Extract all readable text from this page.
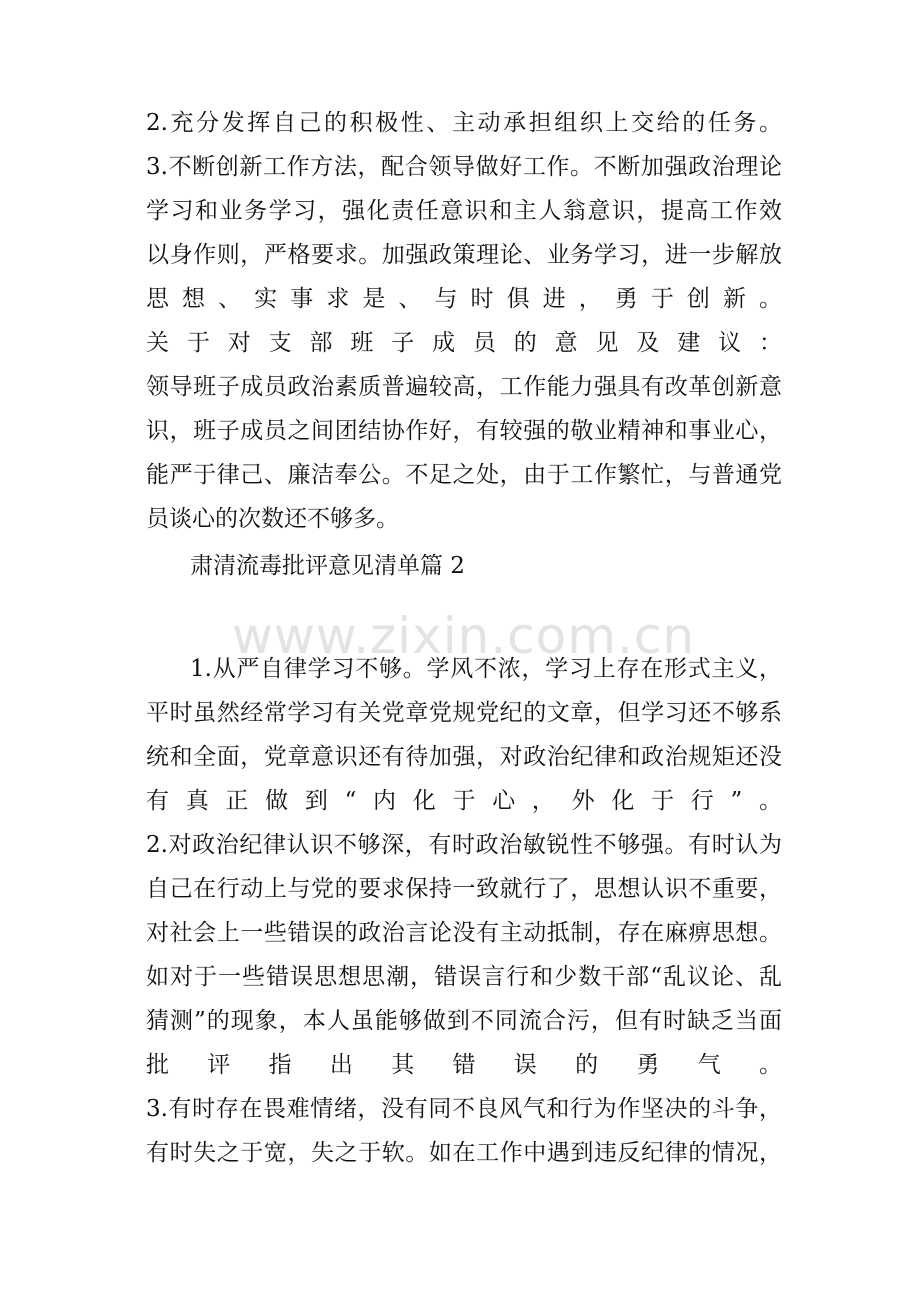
www.zixin.com.cn
2.充分发挥自己的积极性、主动承担组织上交给的任务。
3.不断创新工作方法，配合领导做好工作。不断加强政治理论
学习和业务学习，强化责任意识和主人翁意识，提高工作效
以身作则，严格要求。加强政策理论、业务学习，进一步解放
思想、实事求是、与时俱进，勇于创新。
关于对支部班子成员的意见及建议：
领导班子成员政治素质普遍较高，工作能力强具有改革创新意
识，班子成员之间团结协作好，有较强的敬业精神和事业心，
能严于律己、廉洁奉公。不足之处，由于工作繁忙，与普通党
员谈心的次数还不够多。
肃清流毒批评意见清单篇 2
1.从严自律学习不够。学风不浓，学习上存在形式主义，
平时虽然经常学习有关党章党规党纪的文章，但学习还不够系
统和全面，党章意识还有待加强，对政治纪律和政治规矩还没
有真正做到“内化于心，外化于行”。
2.对政治纪律认识不够深，有时政治敏锐性不够强。有时认为
自己在行动上与党的要求保持一致就行了，思想认识不重要，
对社会上一些错误的政治言论没有主动抵制，存在麻痹思想。
如对于一些错误思想思潮，错误言行和少数干部“乱议论、乱
猜测”的现象，本人虽能够做到不同流合污，但有时缺乏当面
批评指出其错误的勇气。
3.有时存在畏难情绪，没有同不良风气和行为作坚决的斗争，
有时失之于宽，失之于软。如在工作中遇到违反纪律的情况，
